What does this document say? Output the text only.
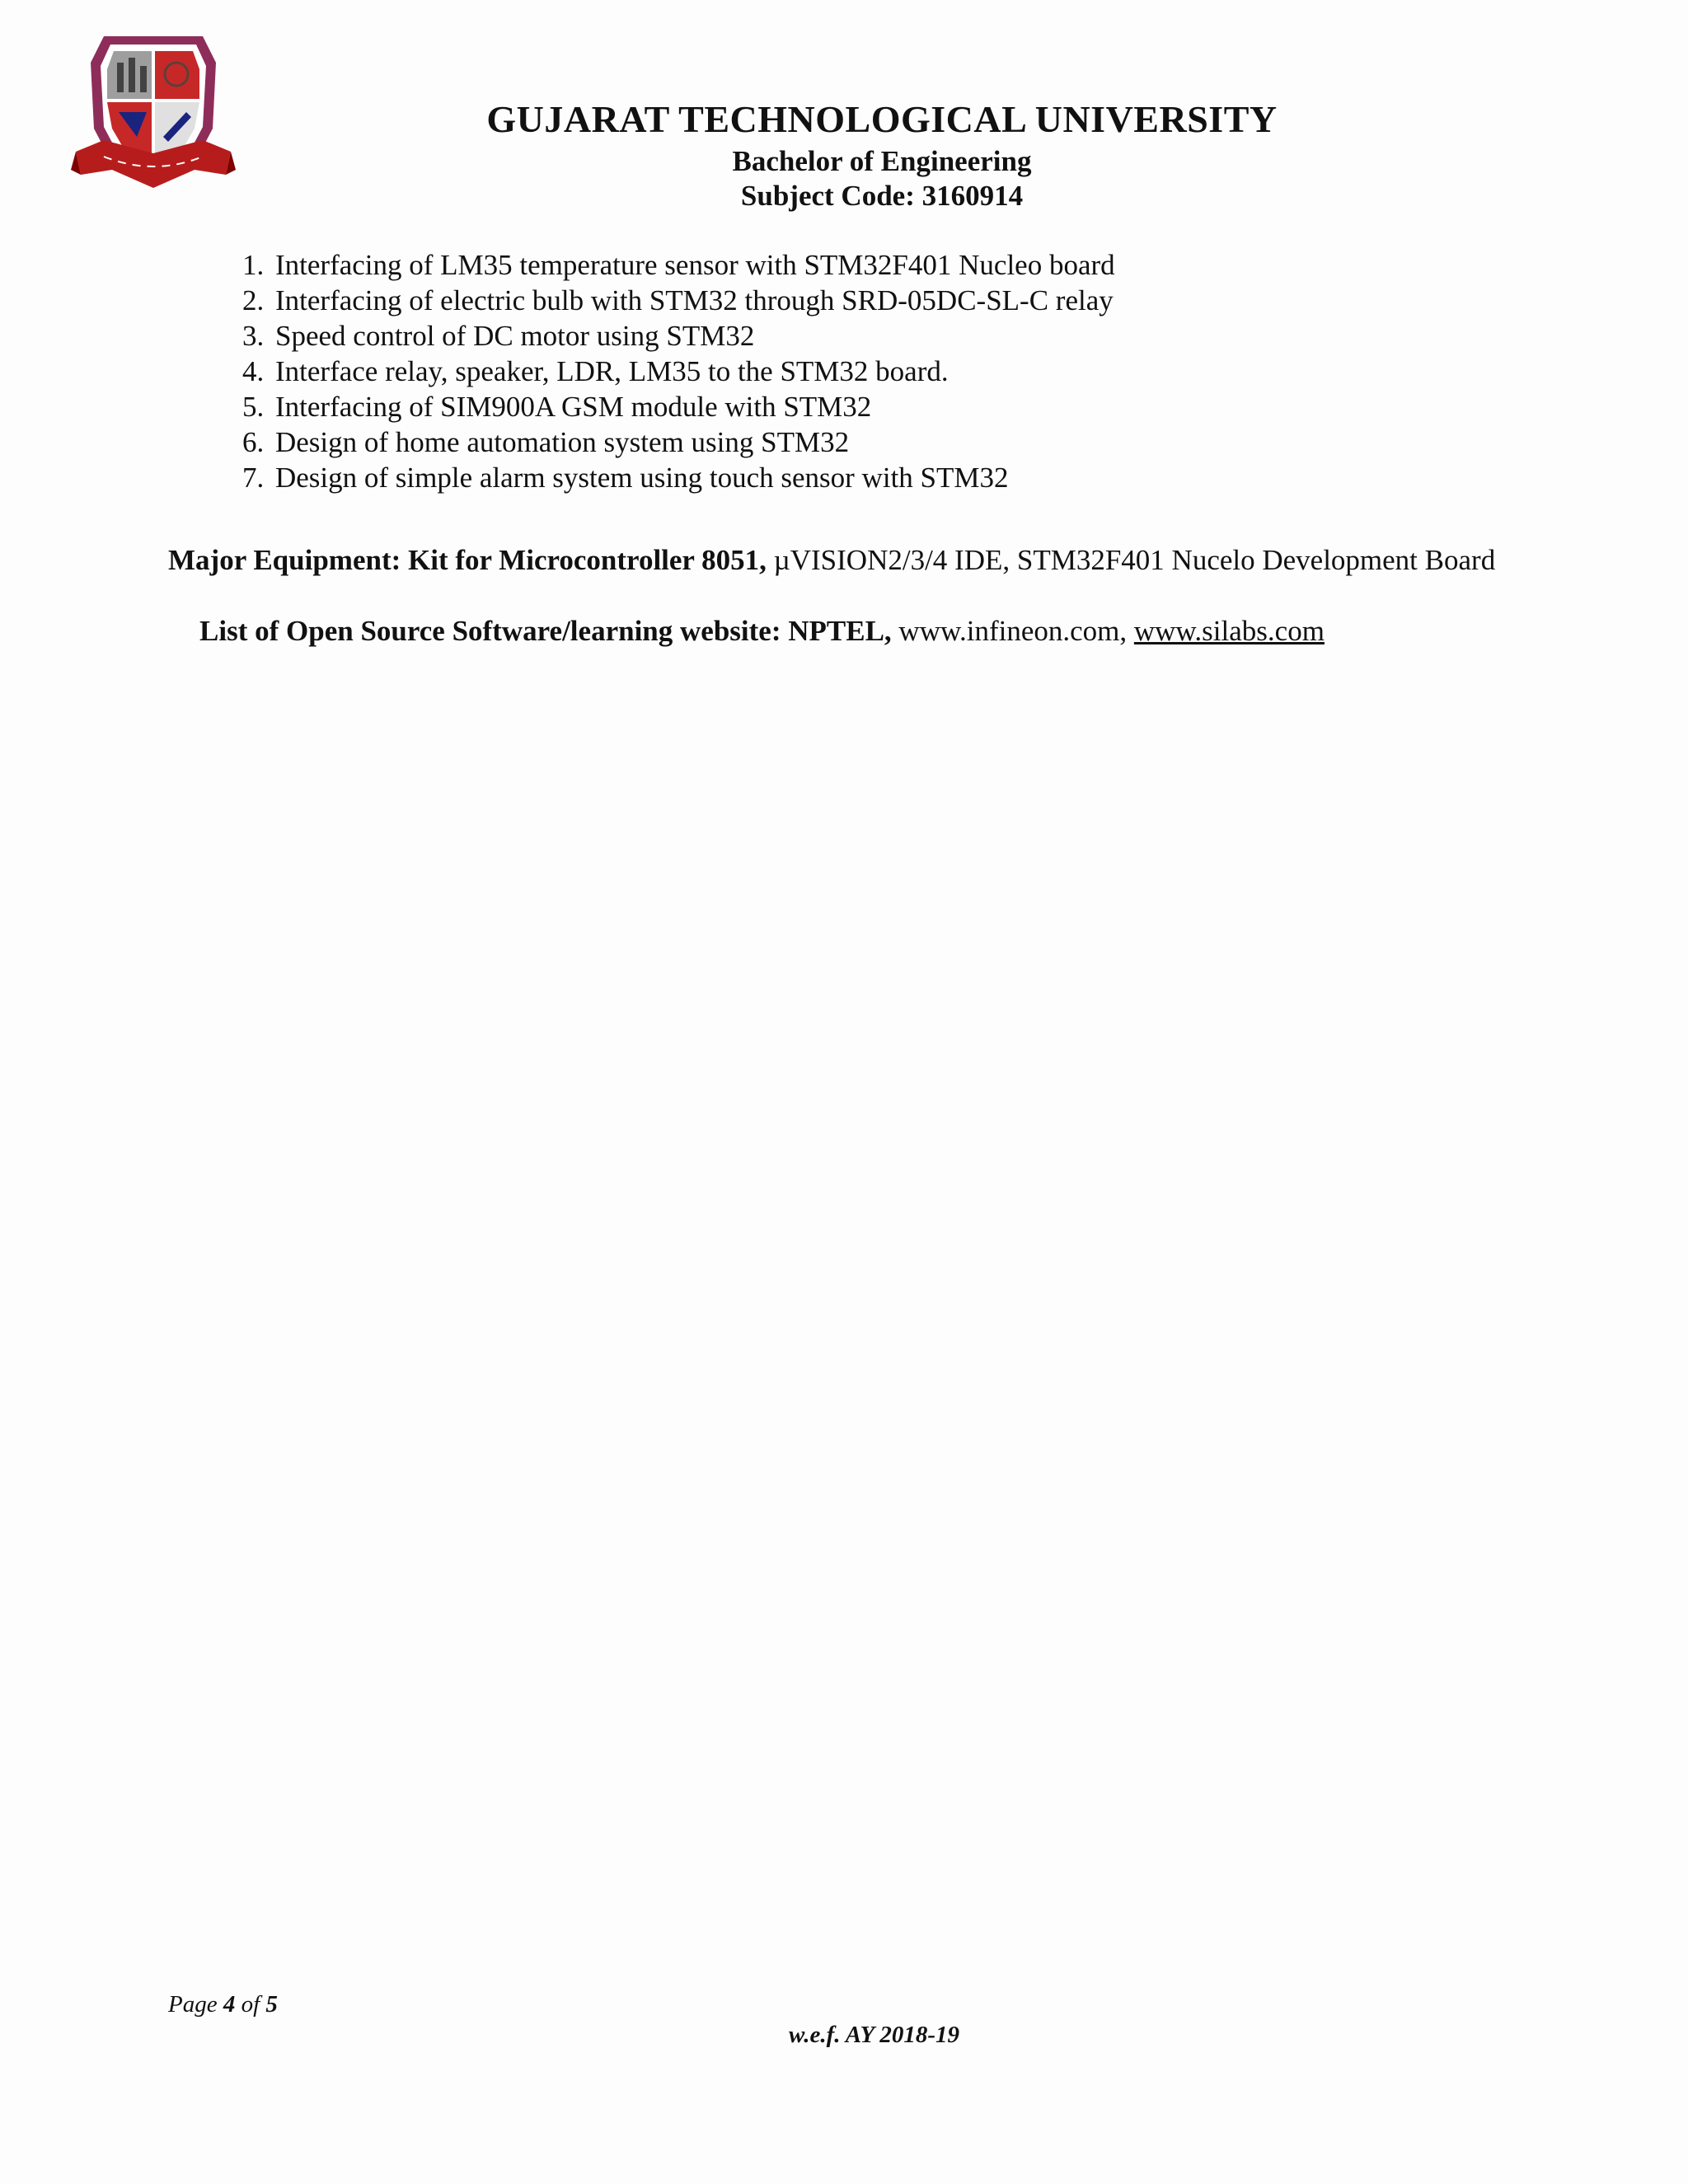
GUJARAT TECHNOLOGICAL UNIVERSITY
Bachelor of Engineering
Subject Code: 3160914
1. Interfacing of LM35 temperature sensor with STM32F401 Nucleo board
2. Interfacing of electric bulb with STM32 through SRD-05DC-SL-C relay
3. Speed control of DC motor using STM32
4. Interface relay, speaker, LDR, LM35 to the STM32 board.
5. Interfacing of SIM900A GSM module with STM32
6. Design of home automation system using STM32
7. Design of simple alarm system using touch sensor with STM32
Major Equipment: Kit for Microcontroller 8051, µVISION2/3/4 IDE, STM32F401 Nucelo Development Board
List of Open Source Software/learning website: NPTEL, www.infineon.com, www.silabs.com
Page 4 of 5
w.e.f. AY 2018-19
